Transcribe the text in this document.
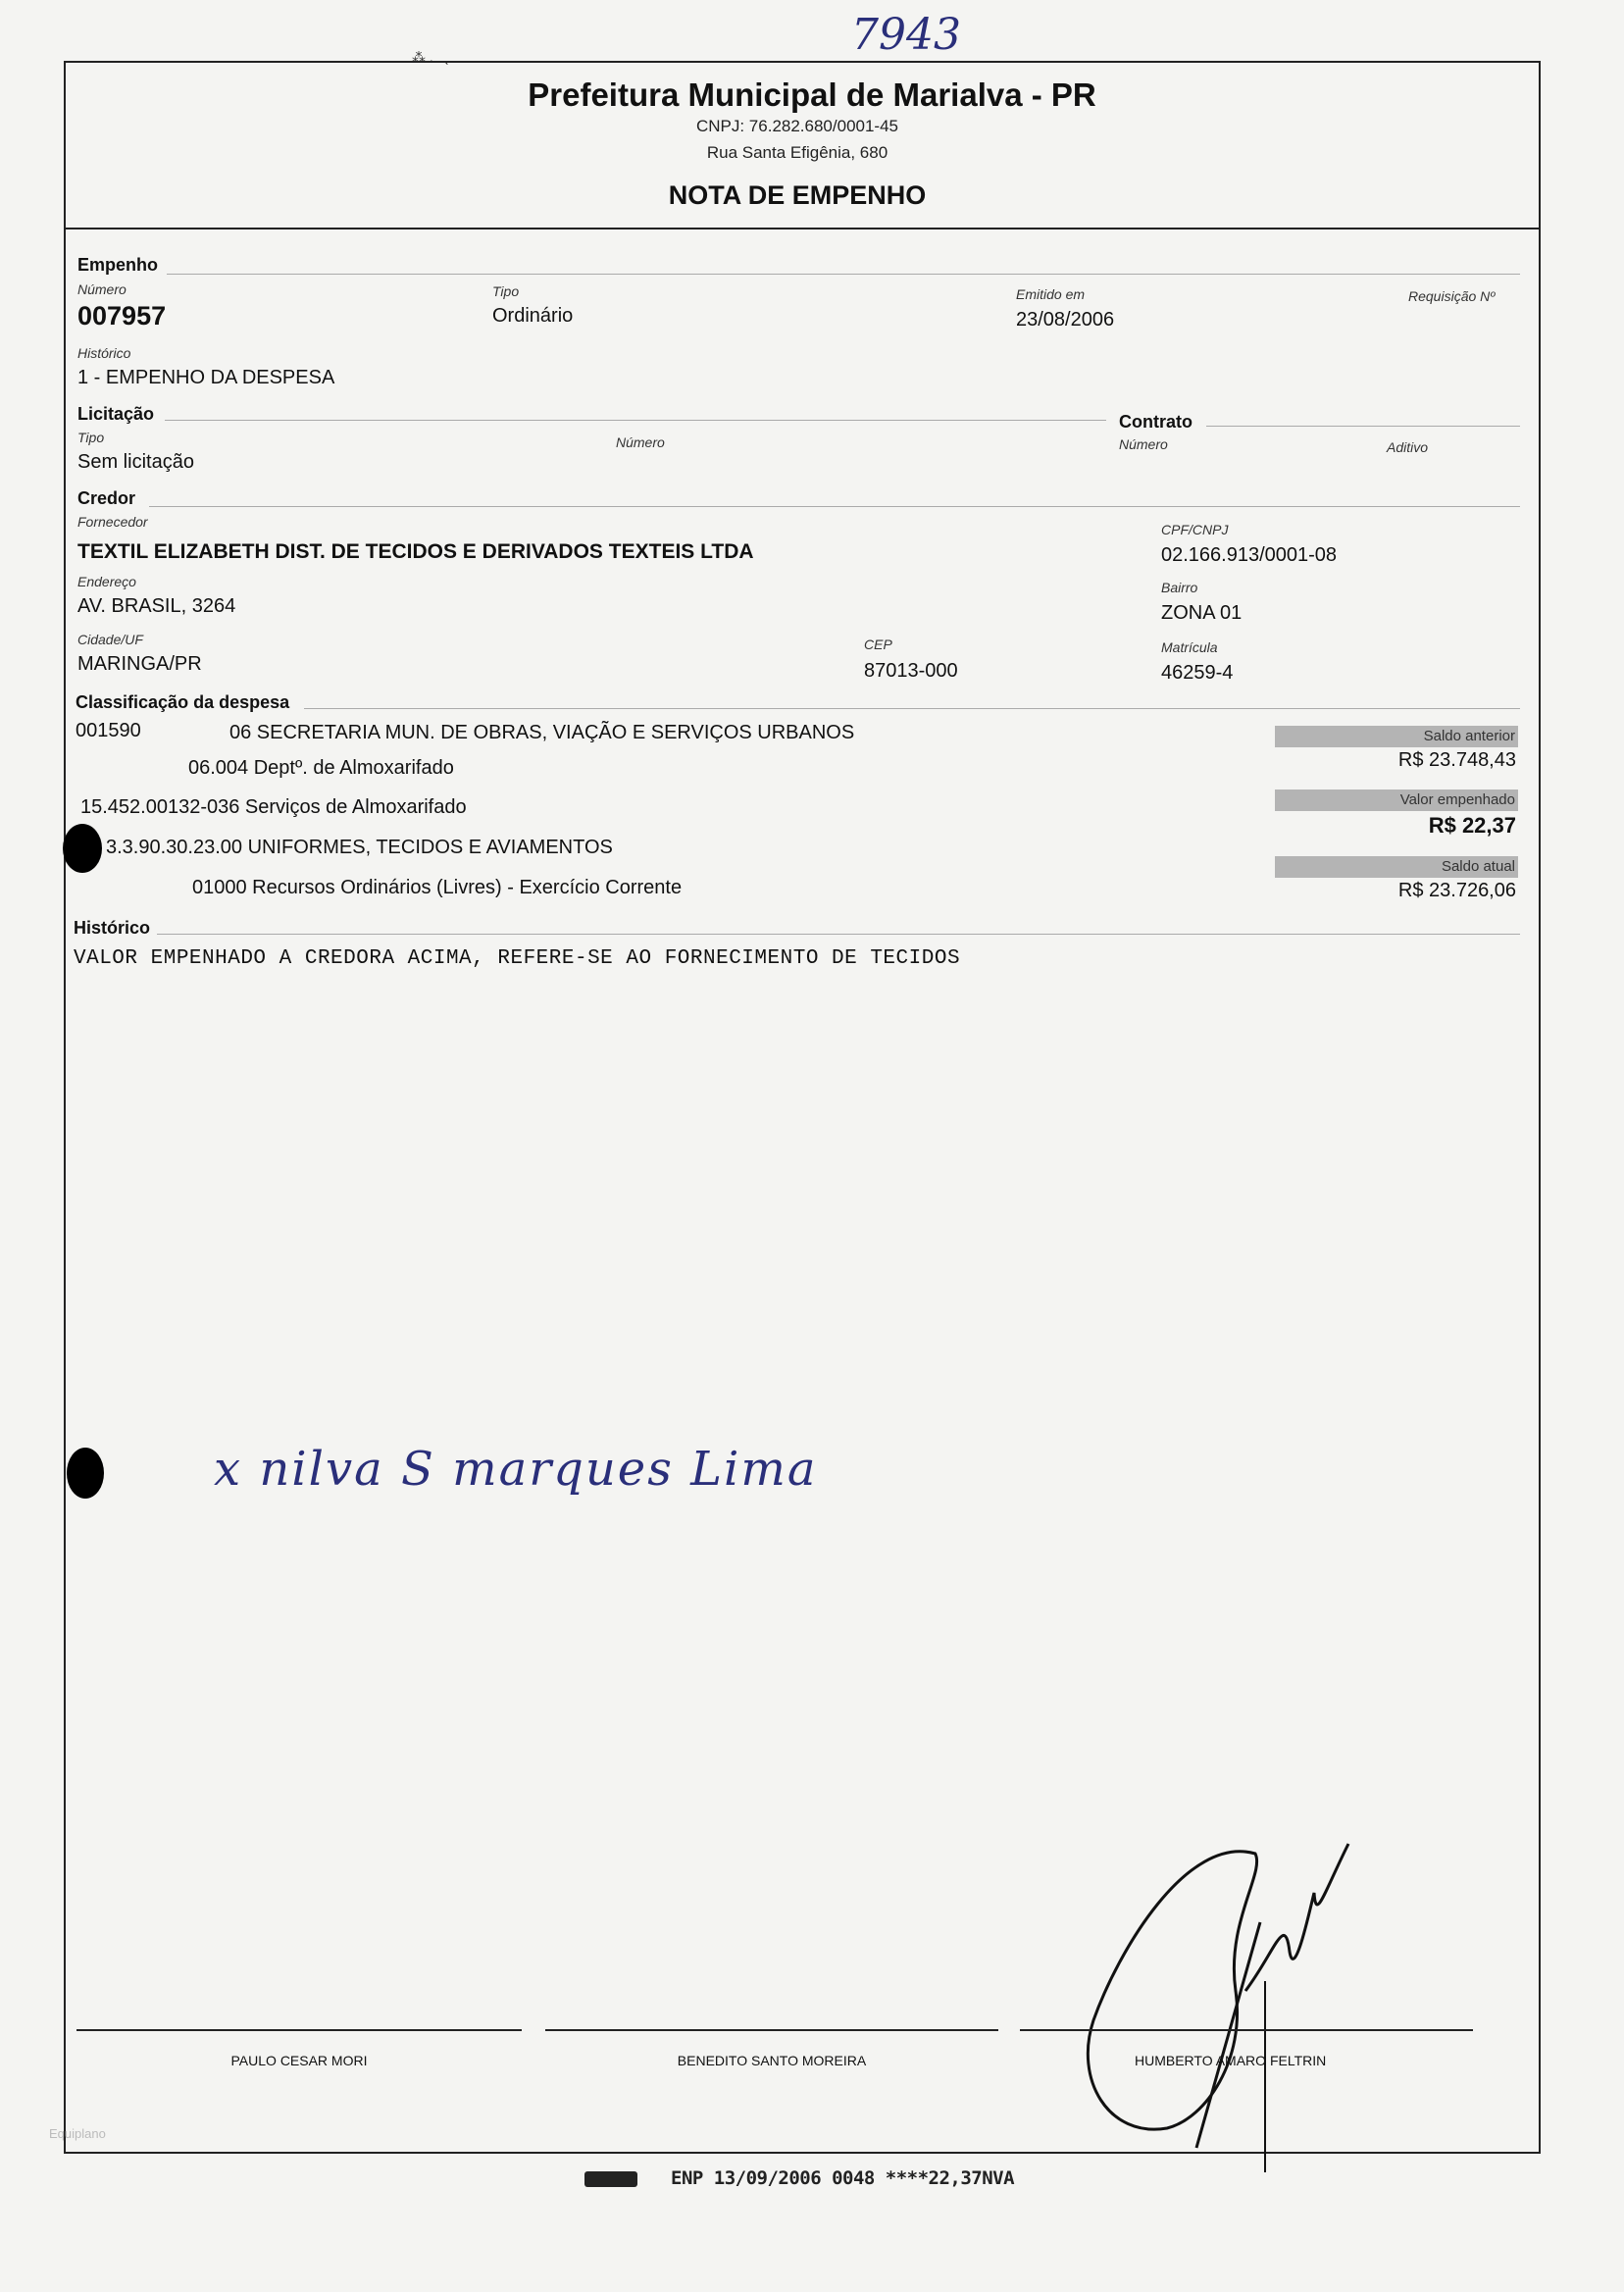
7943
⁂ .   ˎ
Prefeitura Municipal de Marialva - PR
CNPJ: 76.282.680/0001-45
Rua Santa Efigênia, 680
NOTA DE EMPENHO
Empenho
Número
007957
Tipo
Ordinário
Emitido em
23/08/2006
Requisição Nº
Histórico
1 - EMPENHO DA DESPESA
Licitação
Tipo
Sem licitação
Número
Contrato
Número	Aditivo
Credor
Fornecedor
TEXTIL ELIZABETH DIST. DE TECIDOS E DERIVADOS TEXTEIS LTDA
CPF/CNPJ
02.166.913/0001-08
Endereço
AV. BRASIL, 3264
Bairro
ZONA 01
Cidade/UF
MARINGA/PR
CEP
87013-000
Matrícula
46259-4
Classificação da despesa
001590	06 SECRETARIA MUN. DE OBRAS, VIAÇÃO E SERVIÇOS URBANOS
06.004 Deptº. de Almoxarifado
15.452.00132-036 Serviços de Almoxarifado
3.3.90.30.23.00 UNIFORMES, TECIDOS E AVIAMENTOS
01000 Recursos Ordinários (Livres) - Exercício Corrente
Saldo anterior
R$ 23.748,43
Valor empenhado
R$ 22,37
Saldo atual
R$ 23.726,06
Histórico
VALOR EMPENHADO A CREDORA ACIMA, REFERE-SE AO FORNECIMENTO DE TECIDOS
x nilva S marques Lima
PAULO CESAR MORI	BENEDITO SANTO MOREIRA	HUMBERTO AMARO FELTRIN
Equiplano
ENP 13/09/2006 0048 ****22,37NVA
